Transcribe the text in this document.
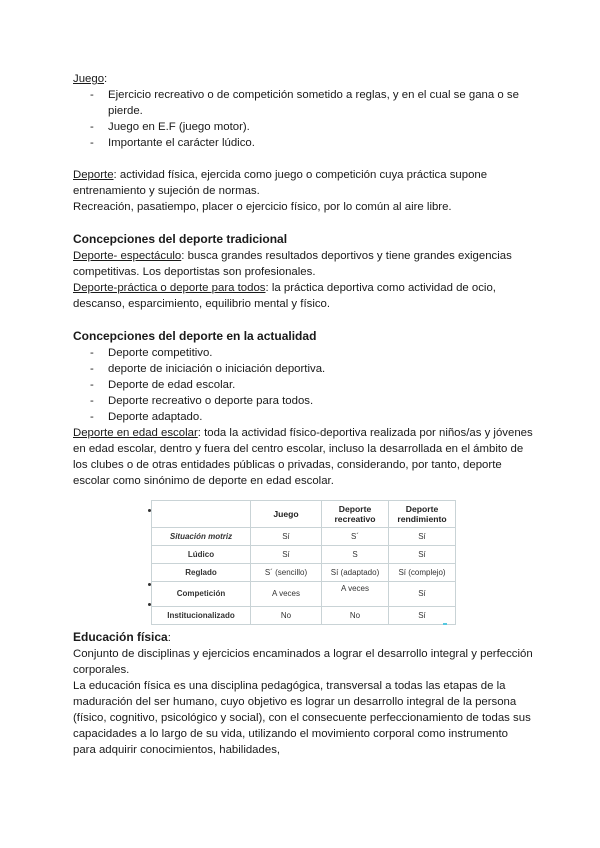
Juego:

- Ejercicio recreativo o de competición sometido a reglas, y en el cual se gana o se pierde.
- Juego en E.F (juego motor).
- Importante el carácter lúdico.

Deporte: actividad física, ejercida como juego o competición cuya práctica supone entrenamiento y sujeción de normas.

Recreación, pasatiempo, placer o ejercicio físico, por lo común al aire libre.

Concepciones del deporte tradicional

Deporte- espectáculo: busca grandes resultados deportivos y tiene grandes exigencias competitivas. Los deportistas son profesionales.

Deporte-práctica o deporte para todos: la práctica deportiva como actividad de ocio, descanso, esparcimiento, equilibrio mental y físico.

Concepciones del deporte en la actualidad
- Deporte competitivo.
- deporte de iniciación o iniciación deportiva.
- Deporte de edad escolar.
- Deporte recreativo o deporte para todos.
- Deporte adaptado.

Deporte en edad escolar: toda la actividad físico-deportiva realizada por niños/as y jóvenes en edad escolar, dentro y fuera del centro escolar, incluso la desarrollada en el ámbito de los clubes o de otras entidades públicas o privadas, considerando, por tanto, deporte escolar como sinónimo de deporte en edad escolar.

	Juego	Deporte recreativo	Deporte rendimiento
Situación motriz	Sí	S´	Sí
Lúdico	Sí	S	Sí
Reglado	S´ (sencillo)	Sí (adaptado)	Sí (complejo)
Competición	A veces	A veces	Sí
Institucionalizado	No	No	Sí

Educación física:

Conjunto de disciplinas y ejercicios encaminados a lograr el desarrollo integral y perfección corporales.

La educación física es una disciplina pedagógica, transversal a todas las etapas de la maduración del ser humano, cuyo objetivo es lograr un desarrollo integral de la persona (físico, cognitivo, psicológico y social), con el consecuente perfeccionamiento de todas sus capacidades a lo largo de su vida, utilizando el movimiento corporal como instrumento para adquirir conocimientos, habilidades,
